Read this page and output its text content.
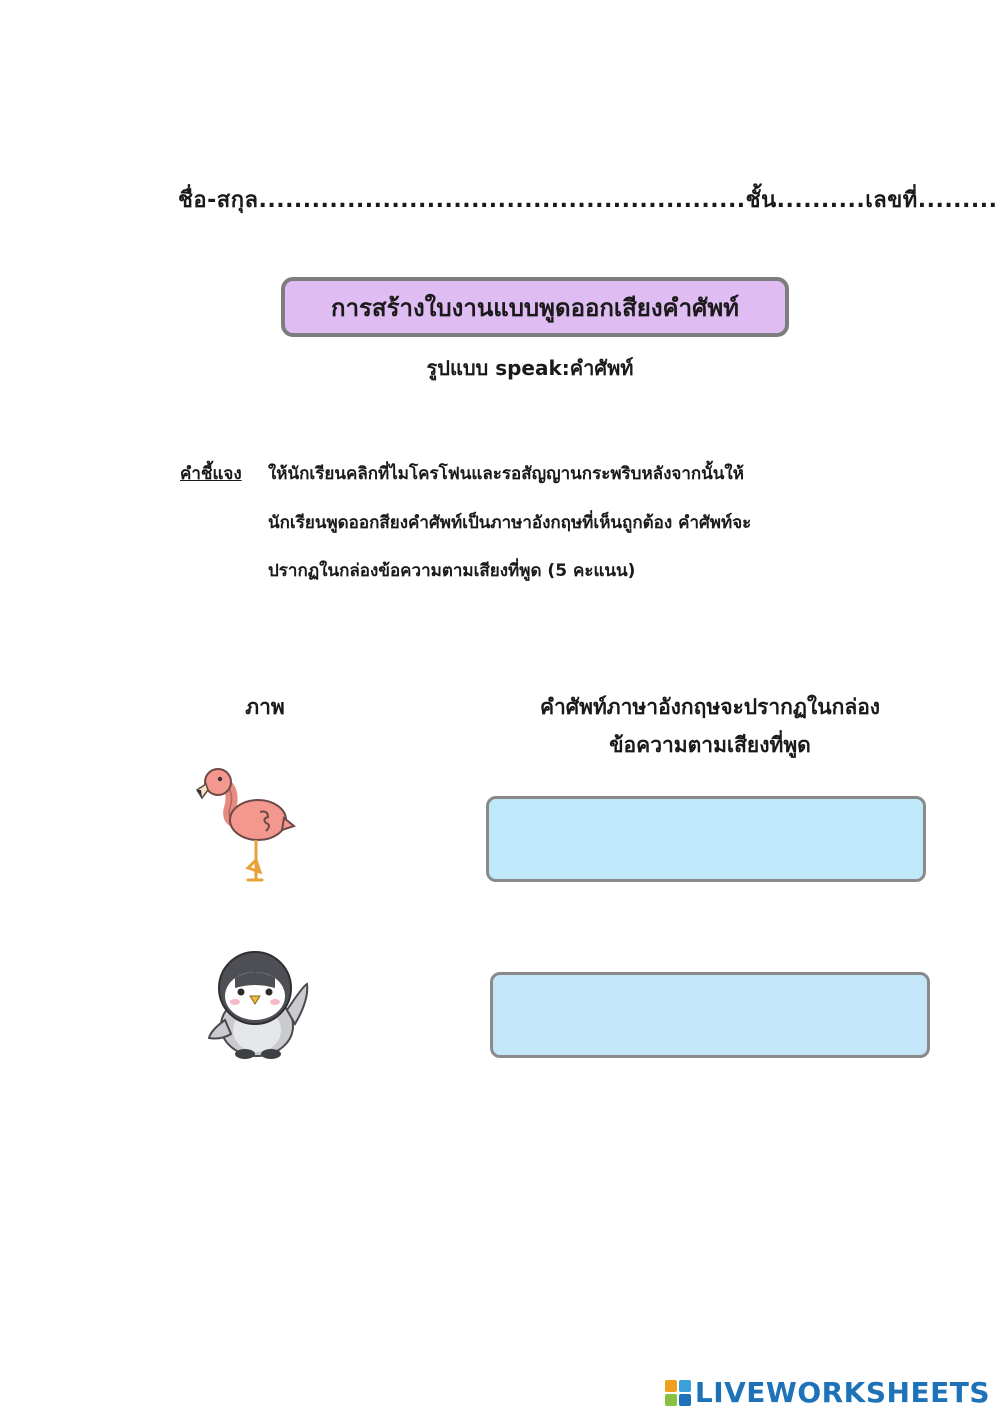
ชื่อ-สกุล.......................................................ชั้น..........เลขที่.........
การสร้างใบงานแบบพูดออกเสียงคำศัพท์
รูปแบบ speak:คำศัพท์
คำชี้แจง ให้นักเรียนคลิกที่ไมโครโฟนและรอสัญญานกระพริบหลังจากนั้นให้
นักเรียนพูดออกสียงคำศัพท์เป็นภาษาอังกฤษที่เห็นถูกต้อง คำศัพท์จะ
ปรากฏในกล่องข้อความตามเสียงที่พูด (5 คะแนน)
ภาพ	คำศัพท์ภาษาอังกฤษจะปรากฏในกล่อง
ข้อความตามเสียงที่พูด
LIVEWORKSHEETS
